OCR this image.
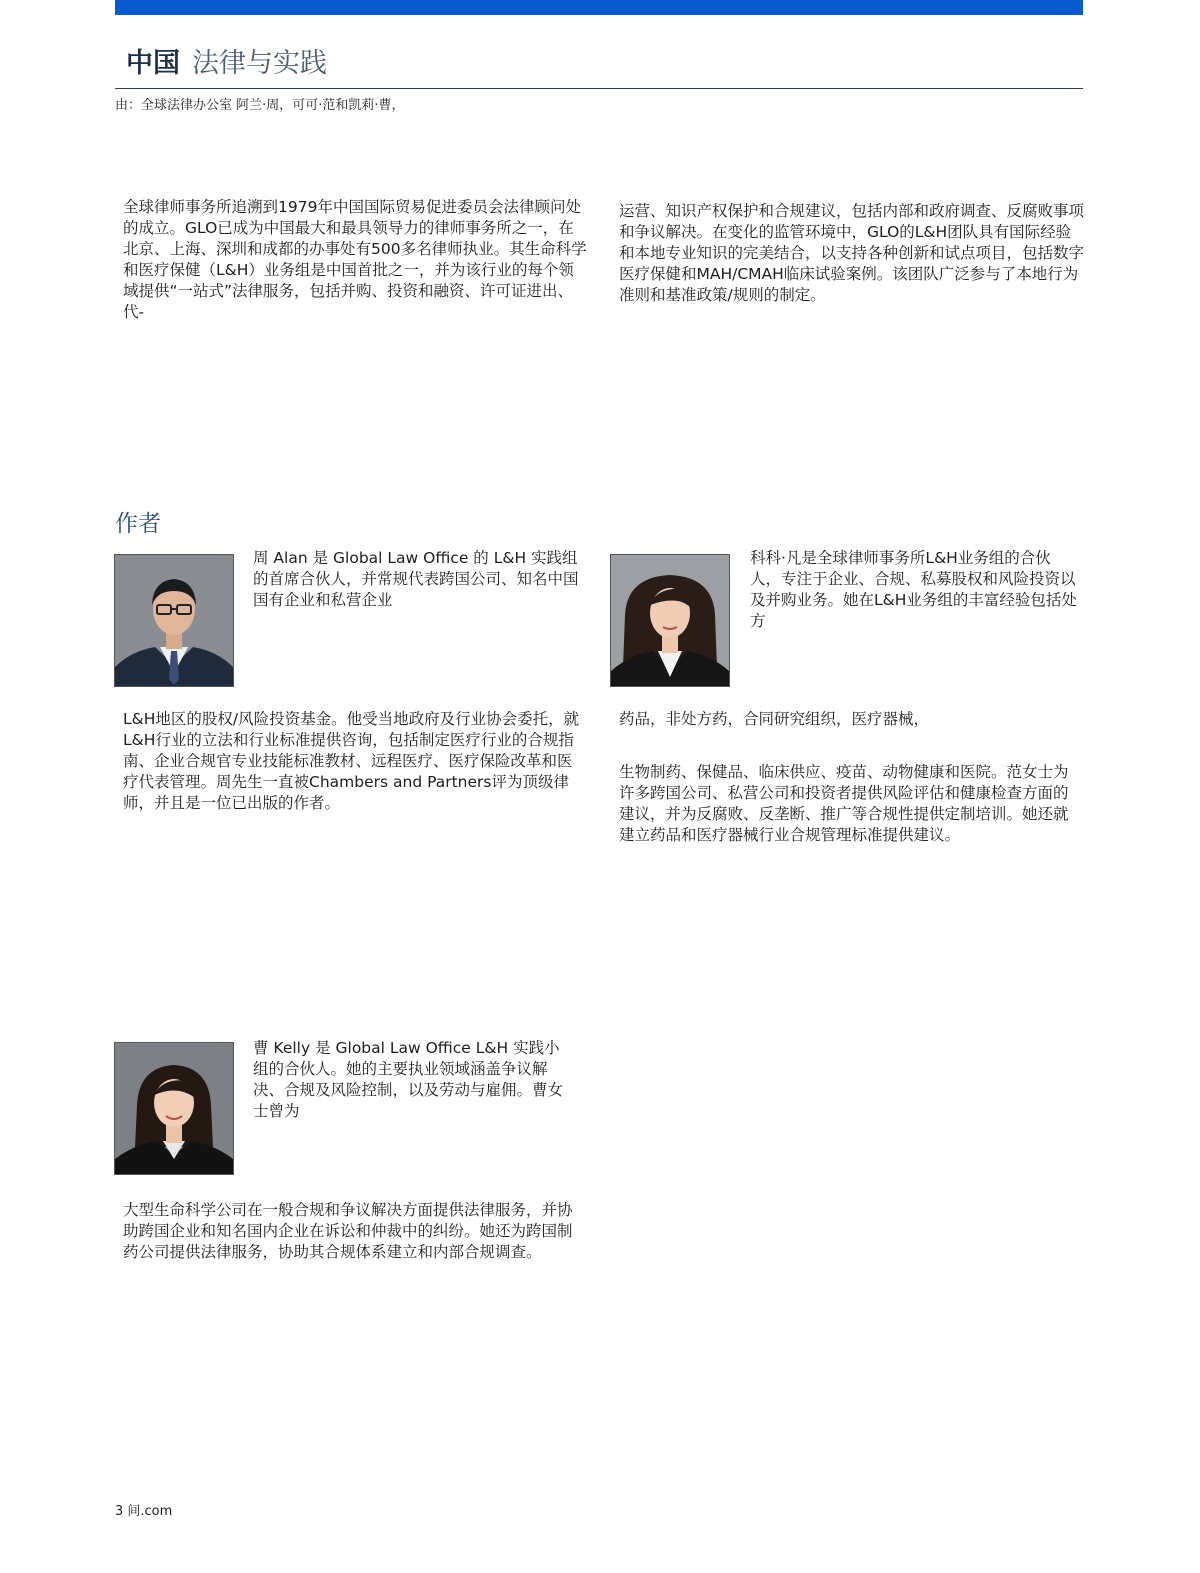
中国 法律与实践
由：全球法律办公室 阿兰·周，可可·范和凯莉·曹，

全球律师事务所追溯到1979年中国国际贸易促进委员会法律顾问处的成立。GLO已成为中国最大和最具领导力的律师事务所之一，在北京、上海、深圳和成都的办事处有500多名律师执业。其生命科学和医疗保健（L&H）业务组是中国首批之一，并为该行业的每个领域提供“一站式”法律服务，包括并购、投资和融资、许可证进出、代-

运营、知识产权保护和合规建议，包括内部和政府调查、反腐败事项和争议解决。在变化的监管环境中，GLO的L&H团队具有国际经验和本地专业知识的完美结合，以支持各种创新和试点项目，包括数字医疗保健和MAH/CMAH临床试验案例。该团队广泛参与了本地行为准则和基准政策/规则的制定。

作者

周 Alan 是 Global Law Office 的 L&H 实践组的首席合伙人，并常规代表跨国公司、知名中国国有企业和私营企业

L&H地区的股权/风险投资基金。他受当地政府及行业协会委托，就L&H行业的立法和行业标准提供咨询，包括制定医疗行业的合规指南、企业合规官专业技能标准教材、远程医疗、医疗保险改革和医疗代表管理。周先生一直被Chambers and Partners评为顶级律师，并且是一位已出版的作者。

科科·凡是全球律师事务所L&H业务组的合伙人，专注于企业、合规、私募股权和风险投资以及并购业务。她在L&H业务组的丰富经验包括处方

药品，非处方药，合同研究组织，医疗器械，

生物制药、保健品、临床供应、疫苗、动物健康和医院。范女士为许多跨国公司、私营公司和投资者提供风险评估和健康检查方面的建议，并为反腐败、反垄断、推广等合规性提供定制培训。她还就建立药品和医疗器械行业合规管理标准提供建议。

曹 Kelly 是 Global Law Office L&H 实践小组的合伙人。她的主要执业领域涵盖争议解决、合规及风险控制，以及劳动与雇佣。曹女士曾为

大型生命科学公司在一般合规和争议解决方面提供法律服务，并协助跨国企业和知名国内企业在诉讼和仲裁中的纠纷。她还为跨国制药公司提供法律服务，协助其合规体系建立和内部合规调查。

3 间.com
